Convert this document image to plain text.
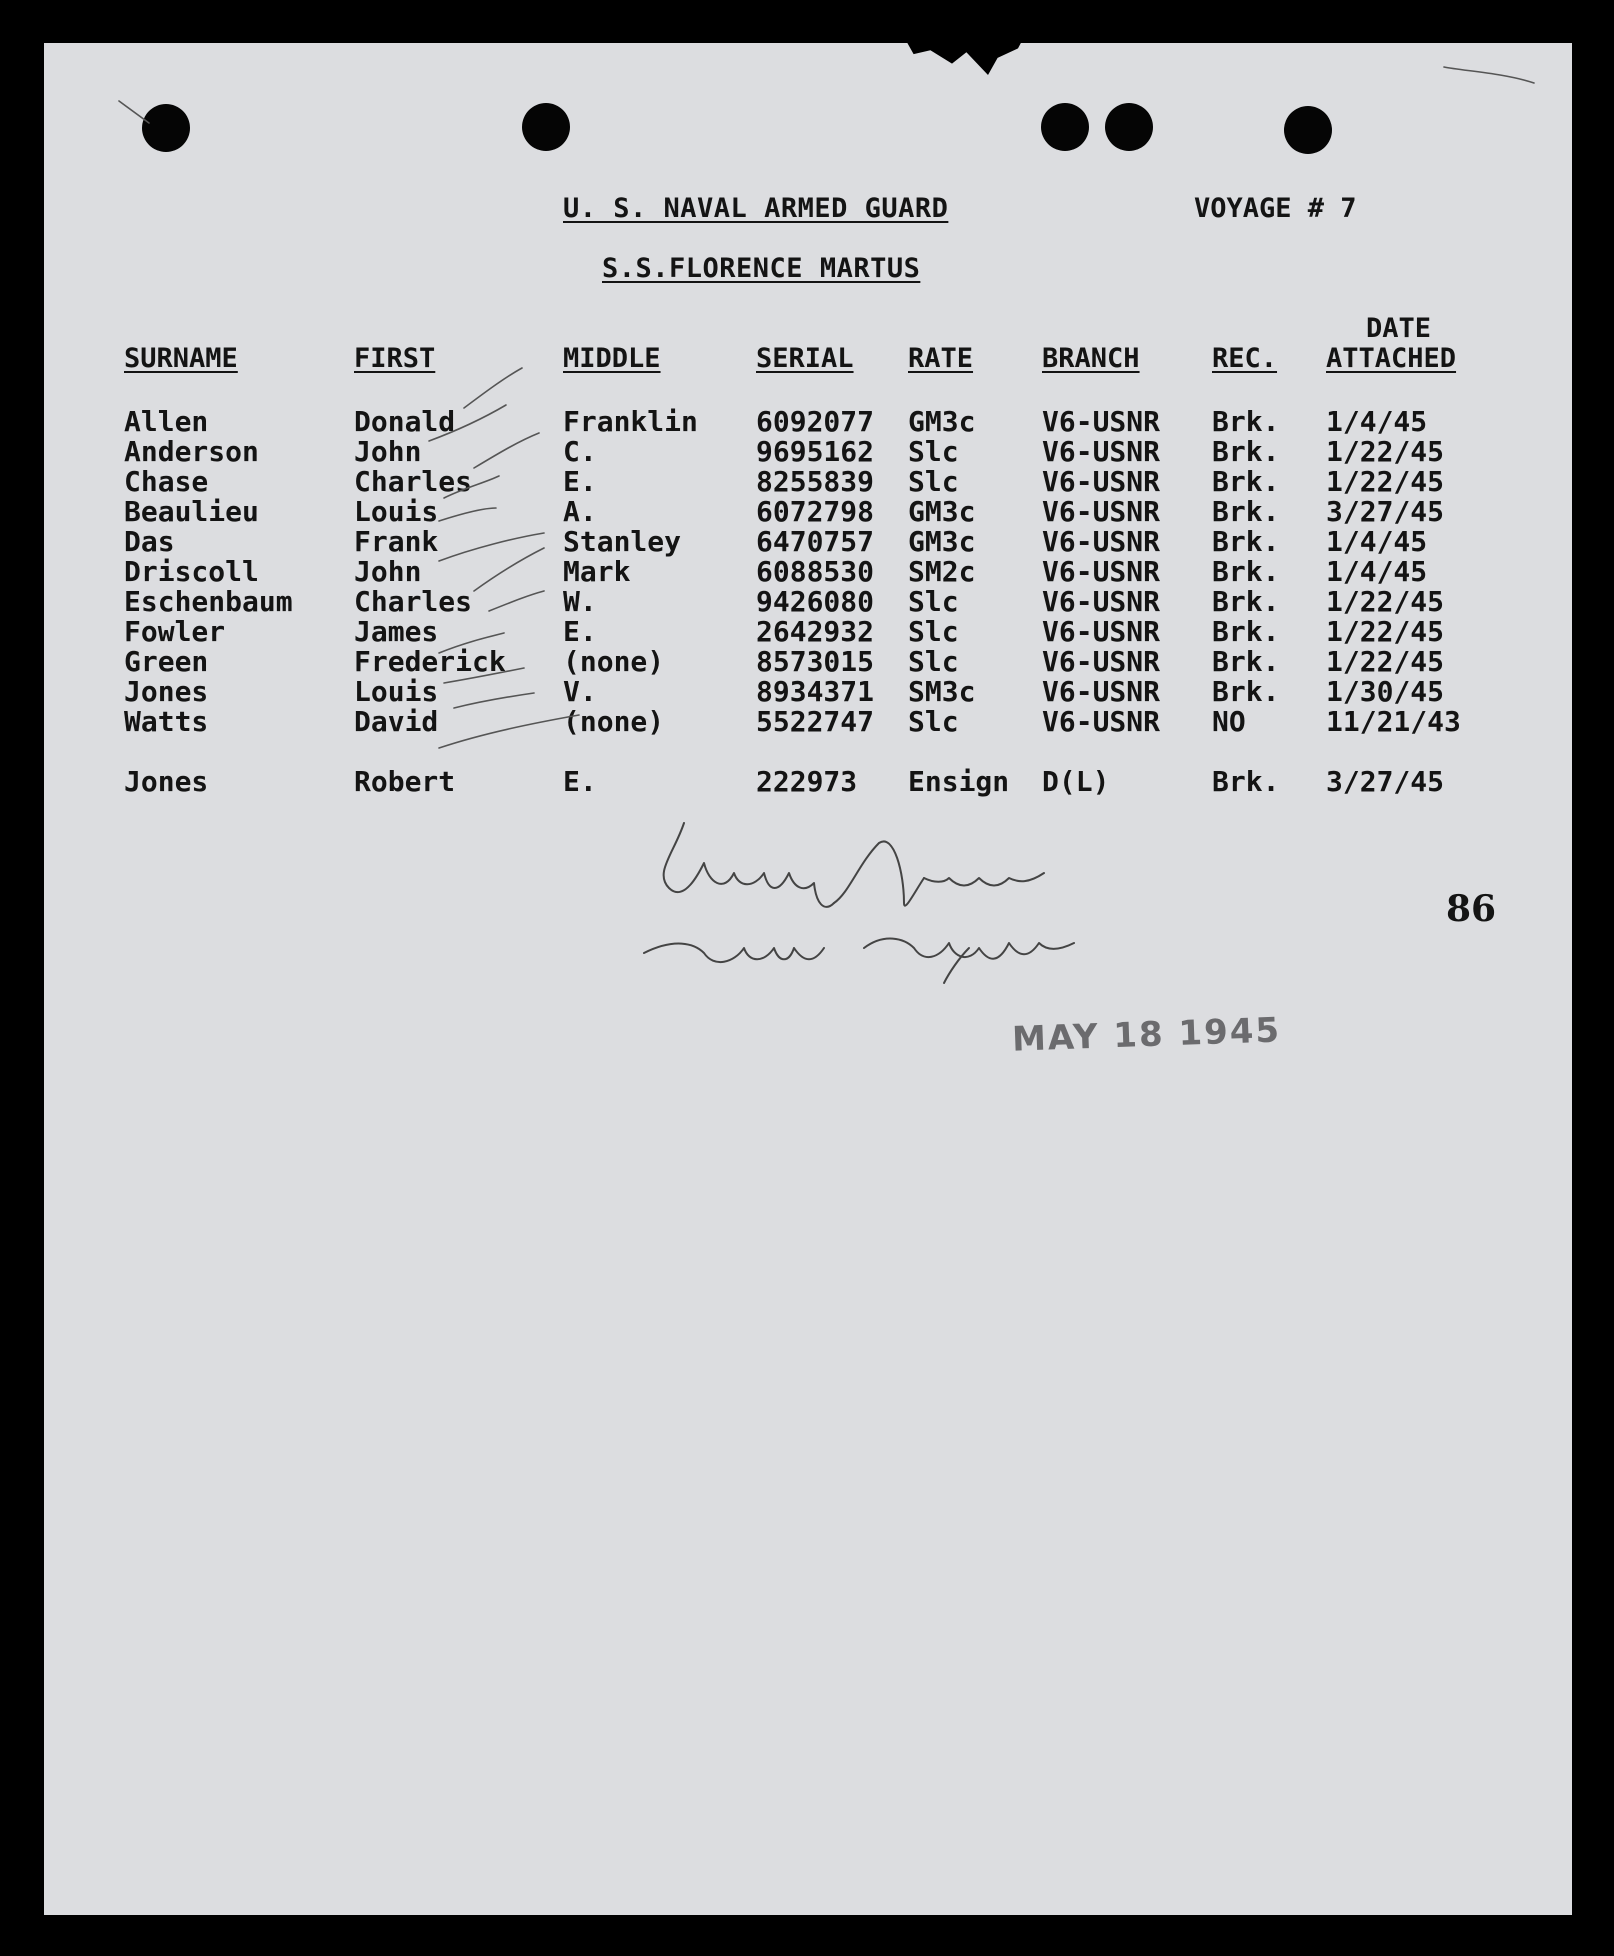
U. S. NAVAL ARMED GUARD	VOYAGE # 7
S.S.FLORENCE MARTUS
DATE
SURNAME	FIRST	MIDDLE	SERIAL RATE	BRANCH	REC. ATTACHED
Allen	Donald	Franklin 6092077 GM3c V6-USNR Brk. 1/4/45
Anderson	John	C.	9695162 Slc	V6-USNR Brk. 1/22/45
Chase	Charles	E.	8255839 Slc	V6-USNR Brk. 1/22/45
Beaulieu	Louis	A.	6072798 GM3c V6-USNR Brk. 3/27/45
Das	Frank	Stanley	6470757 GM3c V6-USNR Brk. 1/4/45
Driscoll	John	Mark	6088530 SM2c V6-USNR Brk. 1/4/45
Eschenbaum Charles	W.	9426080 Slc	V6-USNR Brk. 1/22/45
Fowler	James	E.	2642932 Slc	V6-USNR Brk. 1/22/45
Green	Frederick (none)	8573015 Slc	V6-USNR Brk. 1/22/45
Jones	Louis	V.	8934371 SM3c V6-USNR Brk. 1/30/45
Watts	David	(none)	5522747 Slc	V6-USNR NO	11/21/43
Jones	Robert	E.	222973 Ensign D(L)	Brk. 3/27/45
86
MAY 18 1945
